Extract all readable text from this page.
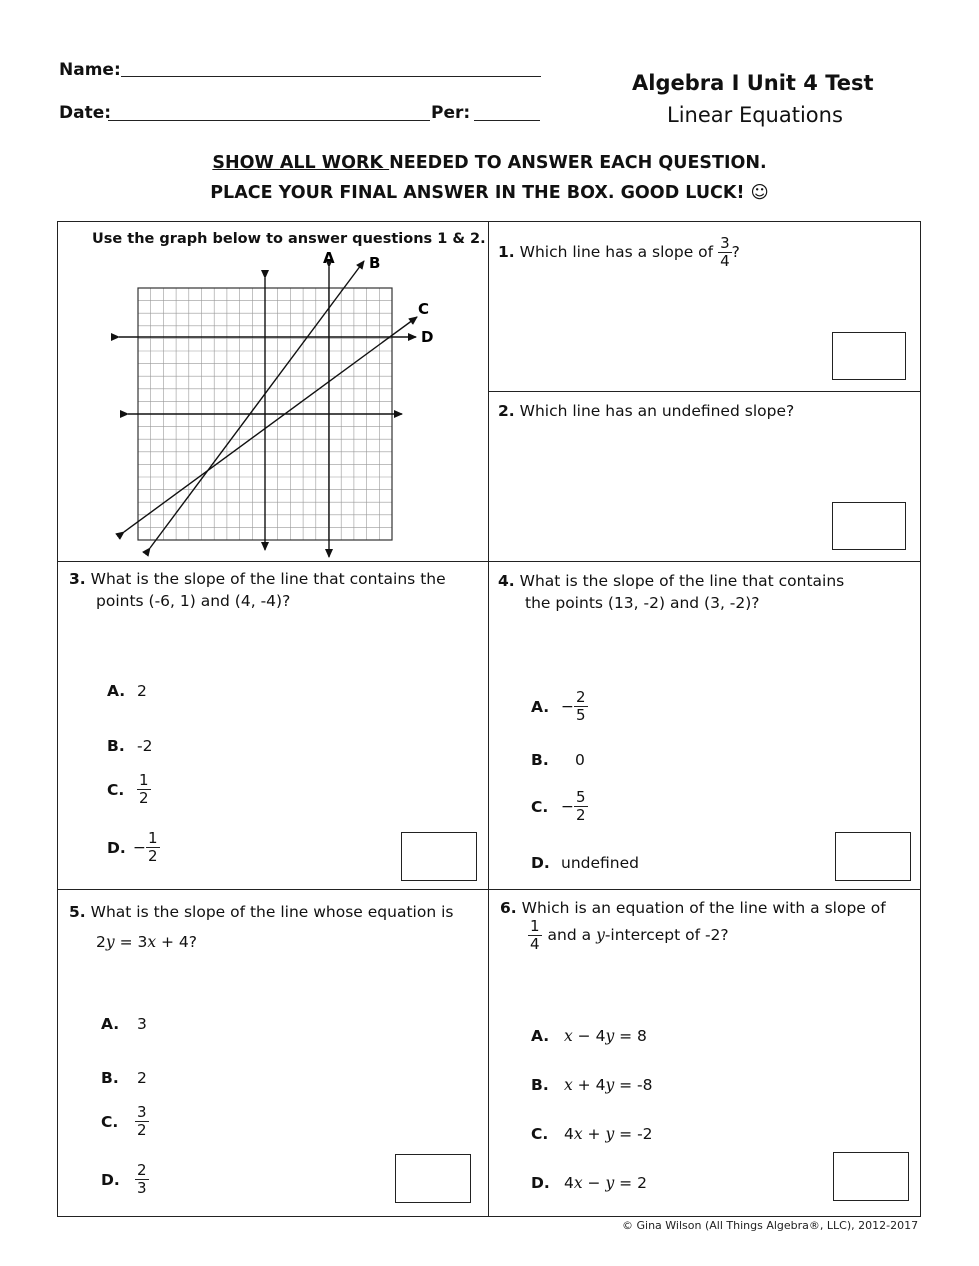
Name:
Date:	Per:
Algebra I Unit 4 Test
Linear Equations
SHOW ALL WORK NEEDED TO ANSWER EACH QUESTION.
PLACE YOUR FINAL ANSWER IN THE BOX. GOOD LUCK! ☺
Use the graph below to answer questions 1 & 2.
A B
C
D
1. Which line has a slope of $\frac{3}{4}$ ?
2. Which line has an undefined slope?
3. What is the slope of the line that contains the
points (-6, 1) and (4, -4)?
A. 2
B. -2
C. $\frac{1}{2}$
D. − $\frac{1}{2}$
4. What is the slope of the line that contains
the points (13, -2) and (3, -2)?
A. − $\frac{2}{5}$
B. 0
C. − $\frac{5}{2}$
D. undefined
5. What is the slope of the line whose equation is
2y = 3x + 4?
A. 3
B. 2
C. $\frac{3}{2}$
D. $\frac{2}{3}$
6. Which is an equation of the line with a slope of
$\frac{1}{4}$ and a y-intercept of -2?
A. x − 4y = 8
B. x + 4y = -8
C. 4x + y = -2
D. 4x − y = 2
© Gina Wilson (All Things Algebra®, LLC), 2012-2017
